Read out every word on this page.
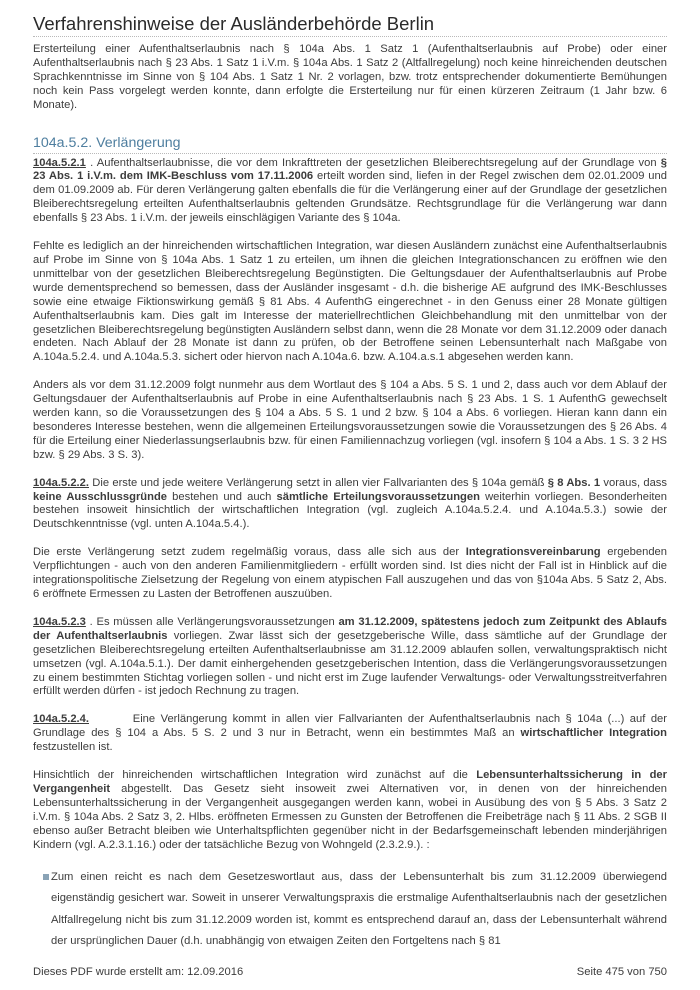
Verfahrenshinweise der Ausländerbehörde Berlin

Ersterteilung einer Aufenthaltserlaubnis nach § 104a Abs. 1 Satz 1 (Aufenthaltserlaubnis auf Probe) oder einer Aufenthaltserlaubnis nach § 23 Abs. 1 Satz 1 i.V.m. § 104a Abs. 1 Satz 2 (Altfallregelung) noch keine hinreichenden deutschen Sprachkenntnisse im Sinne von § 104 Abs. 1 Satz 1 Nr. 2 vorlagen, bzw. trotz entsprechender dokumentierte Bemühungen noch kein Pass vorgelegt werden konnte, dann erfolgte die Ersterteilung nur für einen kürzeren Zeitraum (1 Jahr bzw. 6 Monate).

104a.5.2. Verlängerung

104a.5.2.1 . Aufenthaltserlaubnisse, die vor dem Inkrafttreten der gesetzlichen Bleiberechtsregelung auf der Grundlage von § 23 Abs. 1 i.V.m. dem IMK-Beschluss vom 17.11.2006 erteilt worden sind, liefen in der Regel zwischen dem 02.01.2009 und dem 01.09.2009 ab. Für deren Verlängerung galten ebenfalls die für die Verlängerung einer auf der Grundlage der gesetzlichen Bleiberechtsregelung erteilten Aufenthaltserlaubnis geltenden Grundsätze. Rechtsgrundlage für die Verlängerung war dann ebenfalls § 23 Abs. 1 i.V.m. der jeweils einschlägigen Variante des § 104a.

Fehlte es lediglich an der hinreichenden wirtschaftlichen Integration, war diesen Ausländern zunächst eine Aufenthaltserlaubnis auf Probe im Sinne von § 104a Abs. 1 Satz 1 zu erteilen, um ihnen die gleichen Integrationschancen zu eröffnen wie den unmittelbar von der gesetzlichen Bleiberechtsregelung Begünstigten. Die Geltungsdauer der Aufenthaltserlaubnis auf Probe wurde dementsprechend so bemessen, dass der Ausländer insgesamt - d.h. die bisherige AE aufgrund des IMK-Beschlusses sowie eine etwaige Fiktionswirkung gemäß § 81 Abs. 4 AufenthG eingerechnet - in den Genuss einer 28 Monate gültigen Aufenthaltserlaubnis kam. Dies galt im Interesse der materiellrechtlichen Gleichbehandlung mit den unmittelbar von der gesetzlichen Bleiberechtsregelung begünstigten Ausländern selbst dann, wenn die 28 Monate vor dem 31.12.2009 oder danach endeten. Nach Ablauf der 28 Monate ist dann zu prüfen, ob der Betroffene seinen Lebensunterhalt nach Maßgabe von A.104a.5.2.4. und A.104a.5.3. sichert oder hiervon nach A.104a.6. bzw. A.104.a.s.1 abgesehen werden kann.

Anders als vor dem 31.12.2009 folgt nunmehr aus dem Wortlaut des § 104 a Abs. 5 S. 1 und 2, dass auch vor dem Ablauf der Geltungsdauer der Aufenthaltserlaubnis auf Probe in eine Aufenthaltserlaubnis nach § 23 Abs. 1 S. 1 AufenthG gewechselt werden kann, so die Voraussetzungen des § 104 a Abs. 5 S. 1 und 2 bzw. § 104 a Abs. 6 vorliegen. Hieran kann dann ein besonderes Interesse bestehen, wenn die allgemeinen Erteilungsvoraussetzungen sowie die Voraussetzungen des § 26 Abs. 4 für die Erteilung einer Niederlassungserlaubnis bzw. für einen Familiennachzug vorliegen (vgl. insofern § 104 a Abs. 1 S. 3 2 HS bzw. § 29 Abs. 3 S. 3).

104a.5.2.2. Die erste und jede weitere Verlängerung setzt in allen vier Fallvarianten des § 104a gemäß § 8 Abs. 1 voraus, dass keine Ausschlussgründe bestehen und auch sämtliche Erteilungsvoraussetzungen weiterhin vorliegen. Besonderheiten bestehen insoweit hinsichtlich der wirtschaftlichen Integration (vgl. zugleich A.104a.5.2.4. und A.104a.5.3.) sowie der Deutschkenntnisse (vgl. unten A.104a.5.4.).

Die erste Verlängerung setzt zudem regelmäßig voraus, dass alle sich aus der Integrationsvereinbarung ergebenden Verpflichtungen - auch von den anderen Familienmitgliedern - erfüllt worden sind. Ist dies nicht der Fall ist in Hinblick auf die integrationspolitische Zielsetzung der Regelung von einem atypischen Fall auszugehen und das von §104a Abs. 5 Satz 2, Abs. 6 eröffnete Ermessen zu Lasten der Betroffenen auszuüben.

104a.5.2.3 . Es müssen alle Verlängerungsvoraussetzungen am 31.12.2009, spätestens jedoch zum Zeitpunkt des Ablaufs der Aufenthaltserlaubnis vorliegen. Zwar lässt sich der gesetzgeberische Wille, dass sämtliche auf der Grundlage der gesetzlichen Bleiberechtsregelung erteilten Aufenthaltserlaubnisse am 31.12.2009 ablaufen sollen, verwaltungspraktisch nicht umsetzen (vgl. A.104a.5.1.). Der damit einhergehenden gesetzgeberischen Intention, dass die Verlängerungsvoraussetzungen zu einem bestimmten Stichtag vorliegen sollen - und nicht erst im Zuge laufender Verwaltungs- oder Verwaltungsstreitverfahren erfüllt werden dürfen - ist jedoch Rechnung zu tragen.

104a.5.2.4.        Eine Verlängerung kommt in allen vier Fallvarianten der Aufenthaltserlaubnis nach § 104a (...) auf der Grundlage des § 104 a Abs. 5 S. 2 und 3 nur in Betracht, wenn ein bestimmtes Maß an wirtschaftlicher Integration festzustellen ist.

Hinsichtlich der hinreichenden wirtschaftlichen Integration wird zunächst auf die Lebensunterhaltssicherung in der Vergangenheit abgestellt. Das Gesetz sieht insoweit zwei Alternativen vor, in denen von der hinreichenden Lebensunterhaltssicherung in der Vergangenheit ausgegangen werden kann, wobei in Ausübung des von § 5 Abs. 3 Satz 2 i.V.m. § 104a Abs. 2 Satz 3, 2. Hlbs. eröffneten Ermessen zu Gunsten der Betroffenen die Freibeträge nach § 11 Abs. 2 SGB II ebenso außer Betracht bleiben wie Unterhaltspflichten gegenüber nicht in der Bedarfsgemeinschaft lebenden minderjährigen Kindern (vgl. A.2.3.1.16.) oder der tatsächliche Bezug von Wohngeld (2.3.2.9.). :

Zum einen reicht es nach dem Gesetzeswortlaut aus, dass der Lebensunterhalt bis zum 31.12.2009 überwiegend eigenständig gesichert war. Soweit in unserer Verwaltungspraxis die erstmalige Aufenthaltserlaubnis nach der gesetzlichen Altfallregelung nicht bis zum 31.12.2009 worden ist, kommt es entsprechend darauf an, dass der Lebensunterhalt während der ursprünglichen Dauer (d.h. unabhängig von etwaigen Zeiten den Fortgeltens nach § 81

Dieses PDF wurde erstellt am: 12.09.2016	Seite 475 von 750
